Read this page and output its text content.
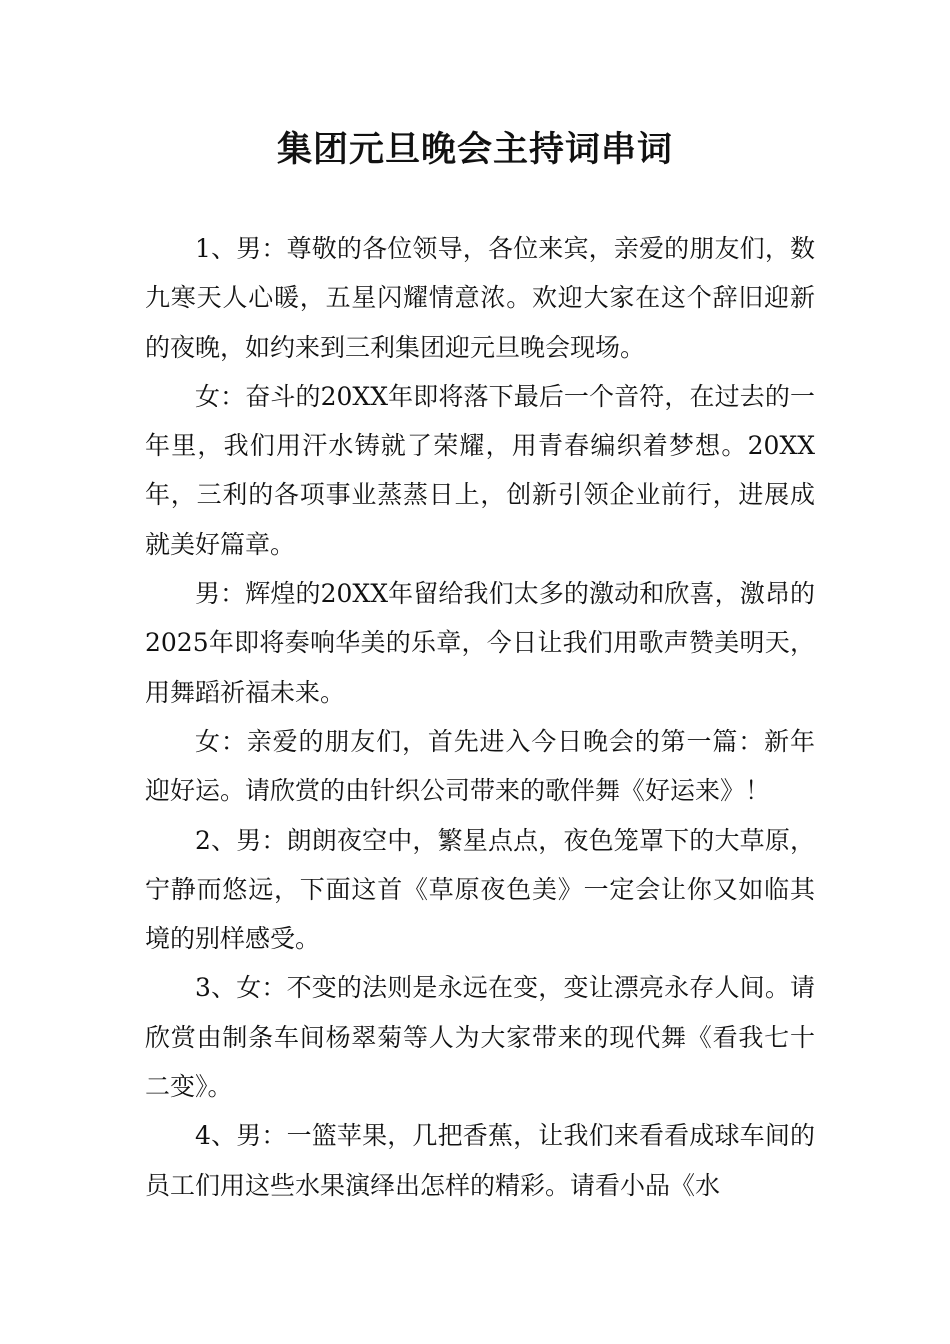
集团元旦晚会主持词串词

1、男：尊敬的各位领导，各位来宾，亲爱的朋友们，数九寒天人心暖，五星闪耀情意浓。欢迎大家在这个辞旧迎新的夜晚，如约来到三利集团迎元旦晚会现场。

女：奋斗的20XX年即将落下最后一个音符，在过去的一年里，我们用汗水铸就了荣耀，用青春编织着梦想。20XX年，三利的各项事业蒸蒸日上，创新引领企业前行，进展成就美好篇章。

男：辉煌的20XX年留给我们太多的激动和欣喜，激昂的2025年即将奏响华美的乐章，今日让我们用歌声赞美明天，用舞蹈祈福未来。

女：亲爱的朋友们，首先进入今日晚会的第一篇：新年迎好运。请欣赏的由针织公司带来的歌伴舞《好运来》！

2、男：朗朗夜空中，繁星点点，夜色笼罩下的大草原，宁静而悠远，下面这首《草原夜色美》一定会让你又如临其境的别样感受。

3、女：不变的法则是永远在变，变让漂亮永存人间。请欣赏由制条车间杨翠菊等人为大家带来的现代舞《看我七十二变》。

4、男：一篮苹果，几把香蕉，让我们来看看成球车间的员工们用这些水果演绎出怎样的精彩。请看小品《水
